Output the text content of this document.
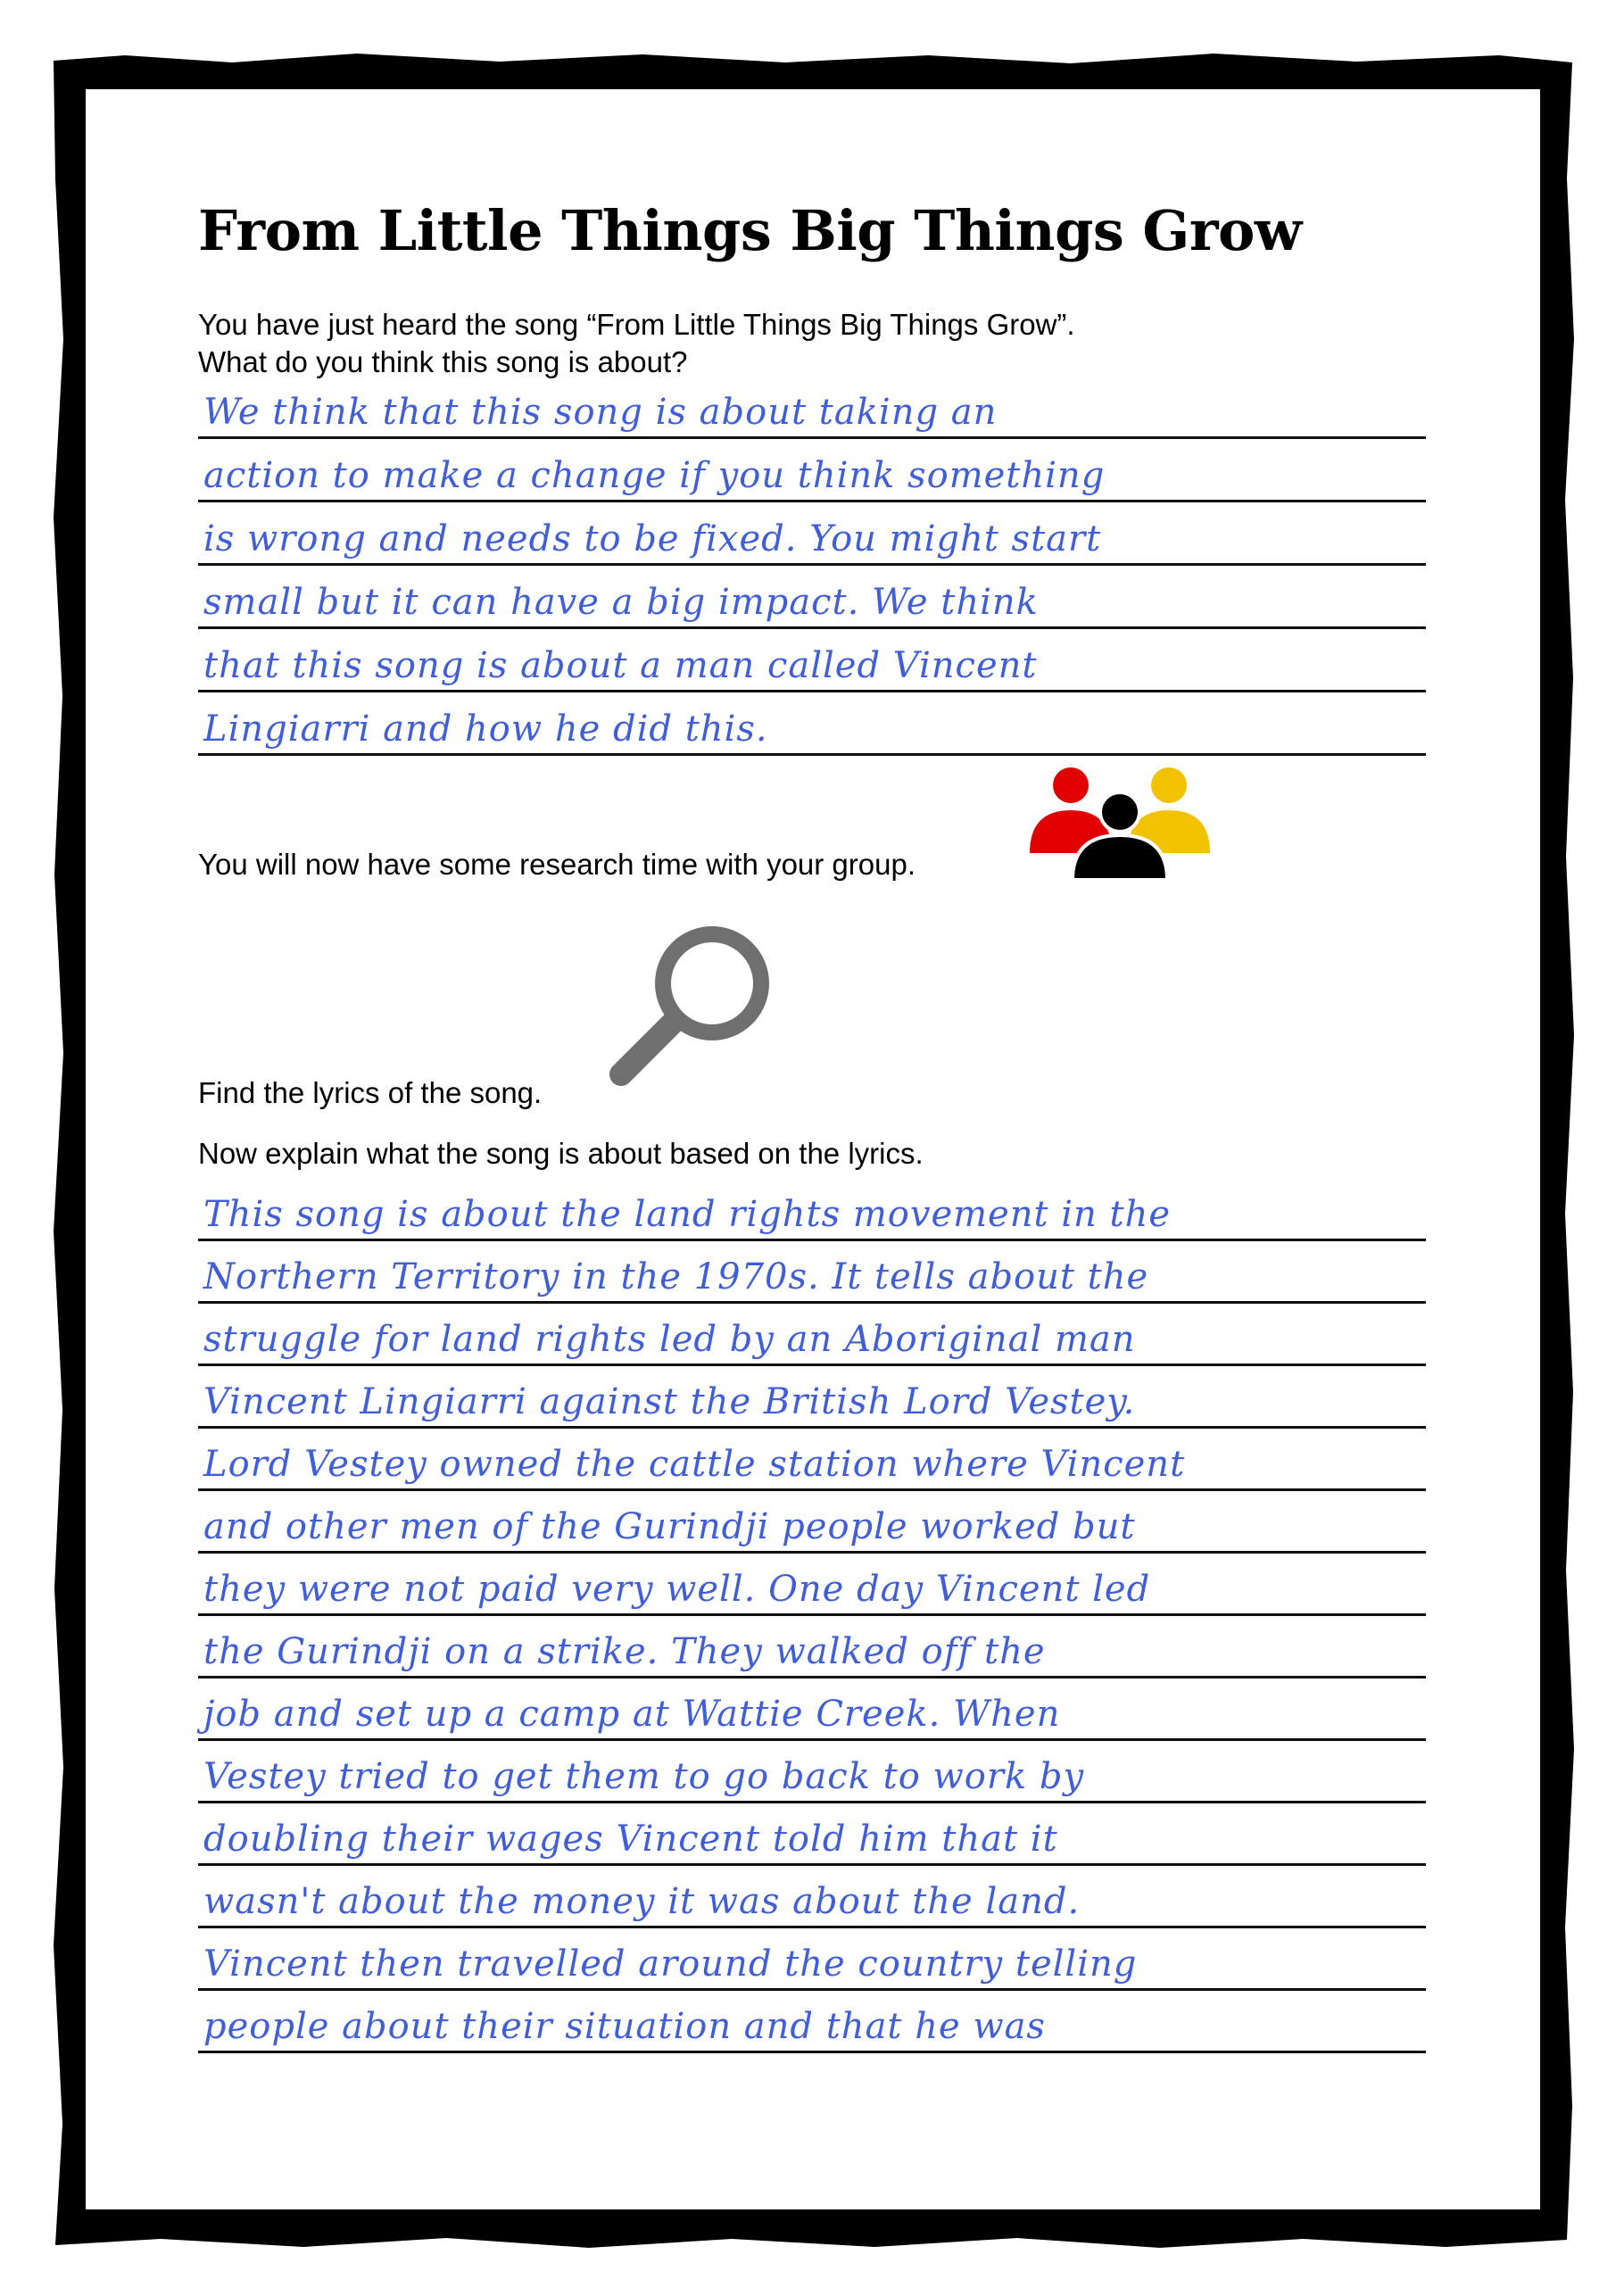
From Little Things Big Things Grow
You have just heard the song “From Little Things Big Things Grow”.
What do you think this song is about?
We think that this song is about taking an
action to make a change if you think something
is wrong and needs to be fixed. You might start
small but it can have a big impact. We think
that this song is about a man called Vincent
Lingiarri and how he did this.
You will now have some research time with your group.
Find the lyrics of the song.
Now explain what the song is about based on the lyrics.
This song is about the land rights movement in the
Northern Territory in the 1970s. It tells about the
struggle for land rights led by an Aboriginal man
Vincent Lingiarri against the British Lord Vestey.
Lord Vestey owned the cattle station where Vincent
and other men of the Gurindji people worked but
they were not paid very well. One day Vincent led
the Gurindji on a strike. They walked off the
job and set up a camp at Wattie Creek. When
Vestey tried to get them to go back to work by
doubling their wages Vincent told him that it
wasn't about the money it was about the land.
Vincent then travelled around the country telling
people about their situation and that he was
